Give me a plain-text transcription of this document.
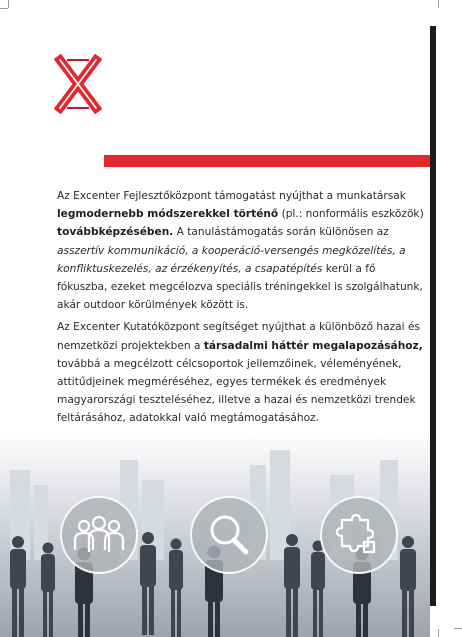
Az Excenter Fejlesztőközpont támogatást nyújthat a munkatársak legmodernebb módszerekkel történő (pl.: nonformális eszközök) továbbképzésében. A tanulástámogatás során különösen az asszertív kommunikáció, a kooperáció-versengés megközelítés, a konfliktuskezelés, az érzékenyítés, a csapatépítés kerül a fő fókuszba, ezeket megcélozva speciális tréningekkel is szolgálhatunk, akár outdoor körülmények között is.

Az Excenter Kutatóközpont segítséget nyújthat a különböző hazai és nemzetközi projektekben a társadalmi háttér megalapozásához, továbbá a megcélzott célcsoportok jellemzőinek, véleményének, attitűdjeinek megméréséhez, egyes termékek és eredmények magyarországi teszteléséhez, illetve a hazai és nemzetközi trendek feltárásához, adatokkal való megtámogatásához.
